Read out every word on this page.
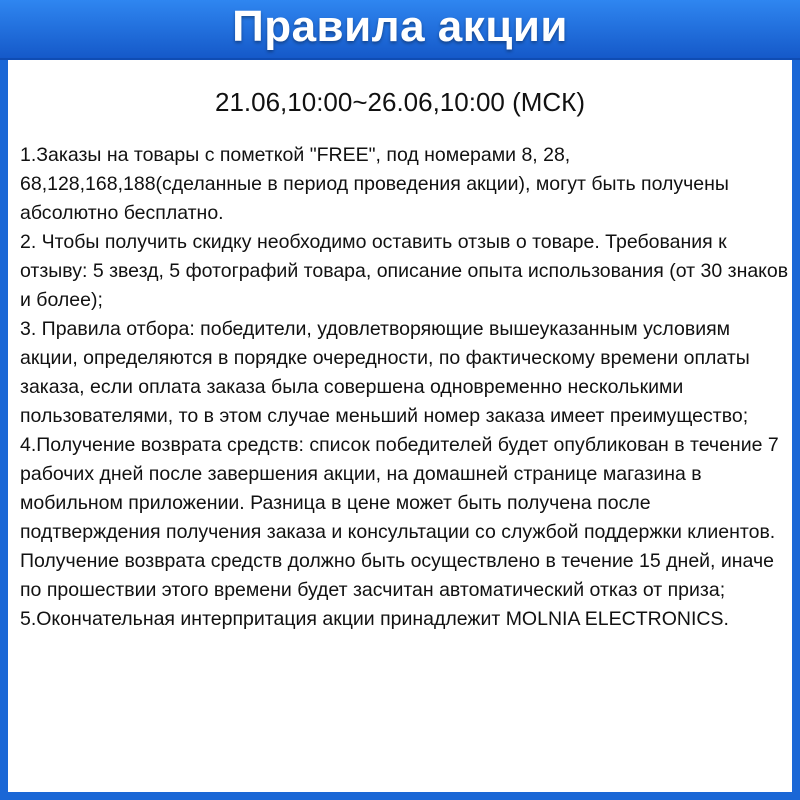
Правила акции
21.06,10:00~26.06,10:00 (МСК)

1.Заказы на товары с пометкой "FREE", под номерами 8, 28, 68,128,168,188(сделанные в период проведения акции), могут быть получены абсолютно бесплатно.

2. Чтобы получить скидку необходимо оставить отзыв о товаре. Требования к отзыву: 5 звезд, 5 фотографий товара, описание опыта использования (от 30 знаков и более);

3. Правила отбора: победители, удовлетворяющие вышеуказанным условиям акции, определяются в порядке очередности, по фактическому времени оплаты заказа, если оплата заказа была совершена одновременно несколькими пользователями, то в этом случае меньший номер заказа имеет преимущество;

4.Получение возврата средств: список победителей будет опубликован в течение 7 рабочих дней после завершения акции, на домашней странице магазина в мобильном приложении. Разница в цене может быть получена после подтверждения получения заказа и консультации со службой поддержки клиентов. Получение возврата средств должно быть осуществлено в течение 15 дней, иначе по прошествии этого времени будет засчитан автоматический отказ от приза;

5.Окончательная интерпритация акции принадлежит MOLNIA ELECTRONICS.
